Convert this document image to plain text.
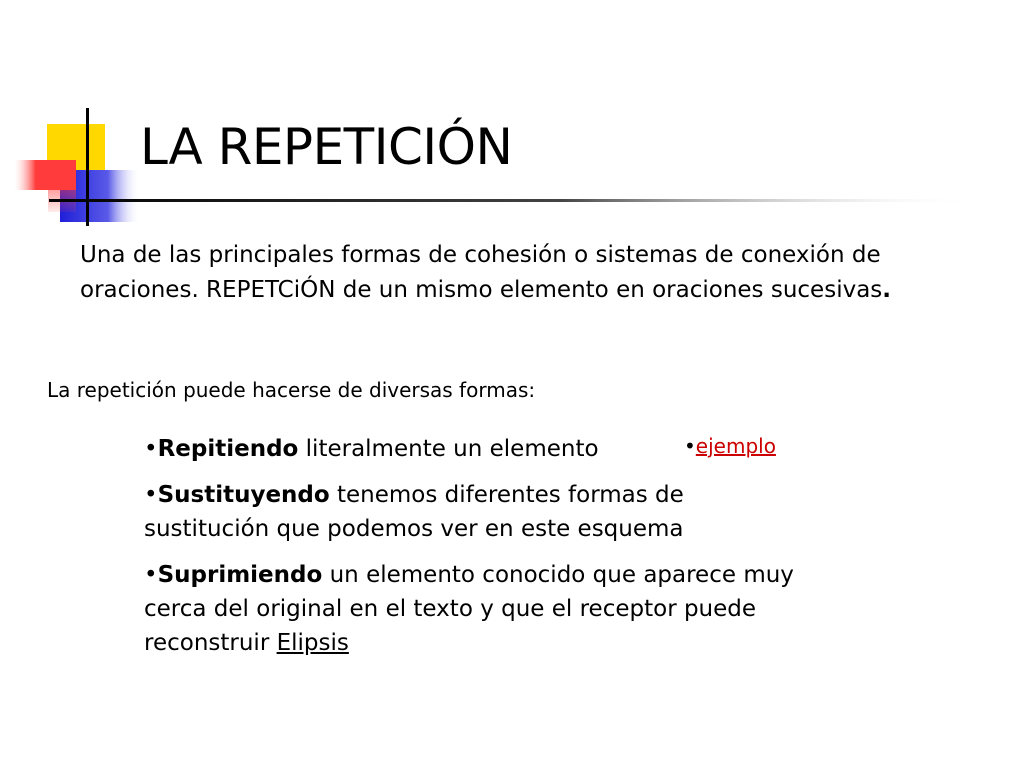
LA REPETICIÓN

Una de las principales formas de cohesión o sistemas de conexión de oraciones. REPETCiÓN de un mismo elemento en oraciones sucesivas.

La repetición puede hacerse de diversas formas:

•Repitiendo literalmente un elemento
•Sustituyendo tenemos diferentes formas de sustitución que podemos ver en este esquema
•Suprimiendo un elemento conocido que aparece muy cerca del original en el texto y que el receptor puede reconstruir Elipsis
•ejemplo
